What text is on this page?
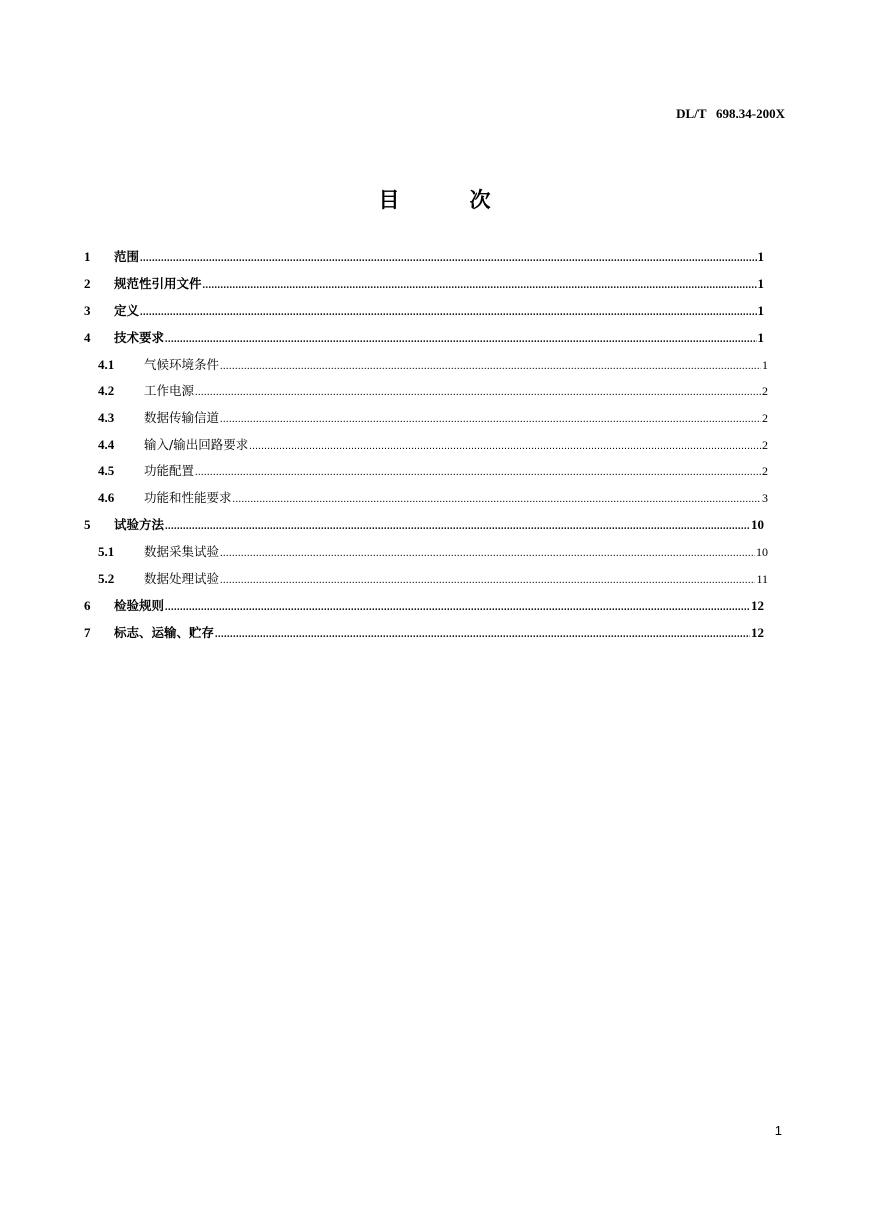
DL/T   698.34-200X
目	次
1	范围 .....	1
2	规范性引用文件 .....	1
3	定义 .....	1
4	技术要求 .....	1
4.1	气候环境条件 .....	1
4.2	工作电源 .....	2
4.3	数据传输信道 .....	2
4.4	输入/输出回路要求 .....	2
4.5	功能配置 .....	2
4.6	功能和性能要求 .....	3
5	试验方法 .....	10
5.1	数据采集试验 .....	10
5.2	数据处理试验 .....	11
6	检验规则 .....	12
7	标志、运输、贮存 .....	12
1
